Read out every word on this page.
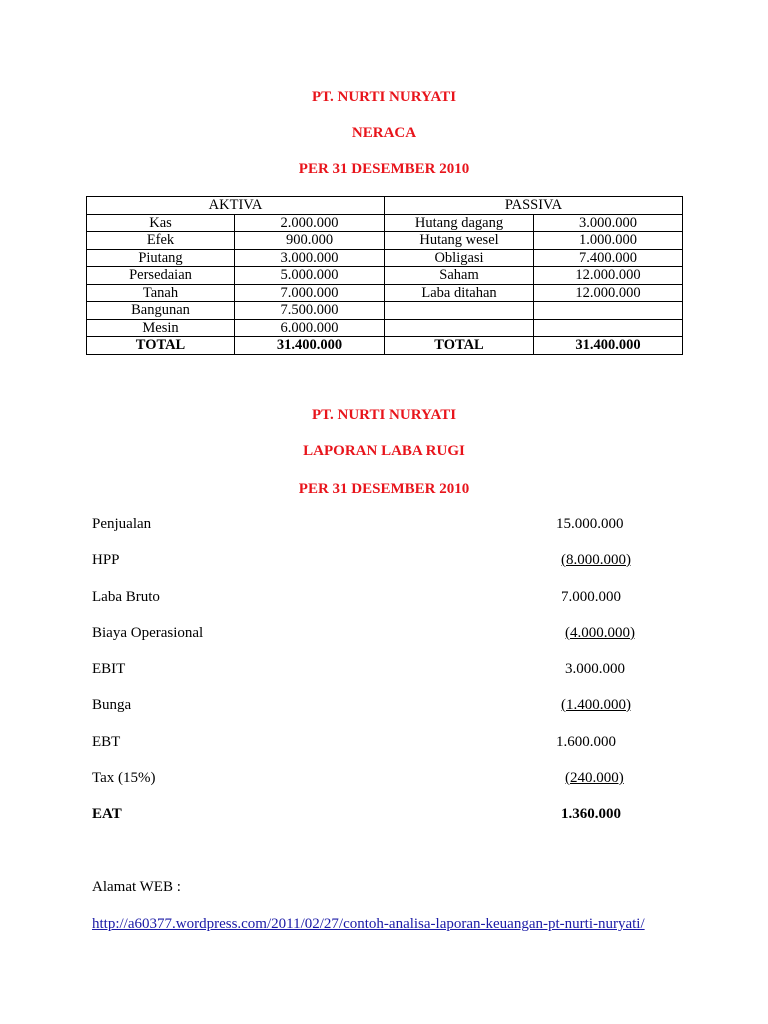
PT. NURTI NURYATI
NERACA
PER 31 DESEMBER 2010
AKTIVA		PASSIVA	
Kas	2.000.000	Hutang dagang	3.000.000
Efek	900.000	Hutang wesel	1.000.000
Piutang	3.000.000	Obligasi	7.400.000
Persedaian	5.000.000	Saham	12.000.000
Tanah	7.000.000	Laba ditahan	12.000.000
Bangunan	7.500.000		
Mesin	6.000.000		
TOTAL	31.400.000	TOTAL	31.400.000
PT. NURTI NURYATI
LAPORAN LABA RUGI
PER 31 DESEMBER 2010
Penjualan	15.000.000
HPP	(8.000.000)
Laba Bruto	7.000.000
Biaya Operasional	(4.000.000)
EBIT	3.000.000
Bunga	(1.400.000)
EBT	1.600.000
Tax (15%)	(240.000)
EAT	1.360.000
Alamat WEB :
http://a60377.wordpress.com/2011/02/27/contoh-analisa-laporan-keuangan-pt-nurti-nuryati/
